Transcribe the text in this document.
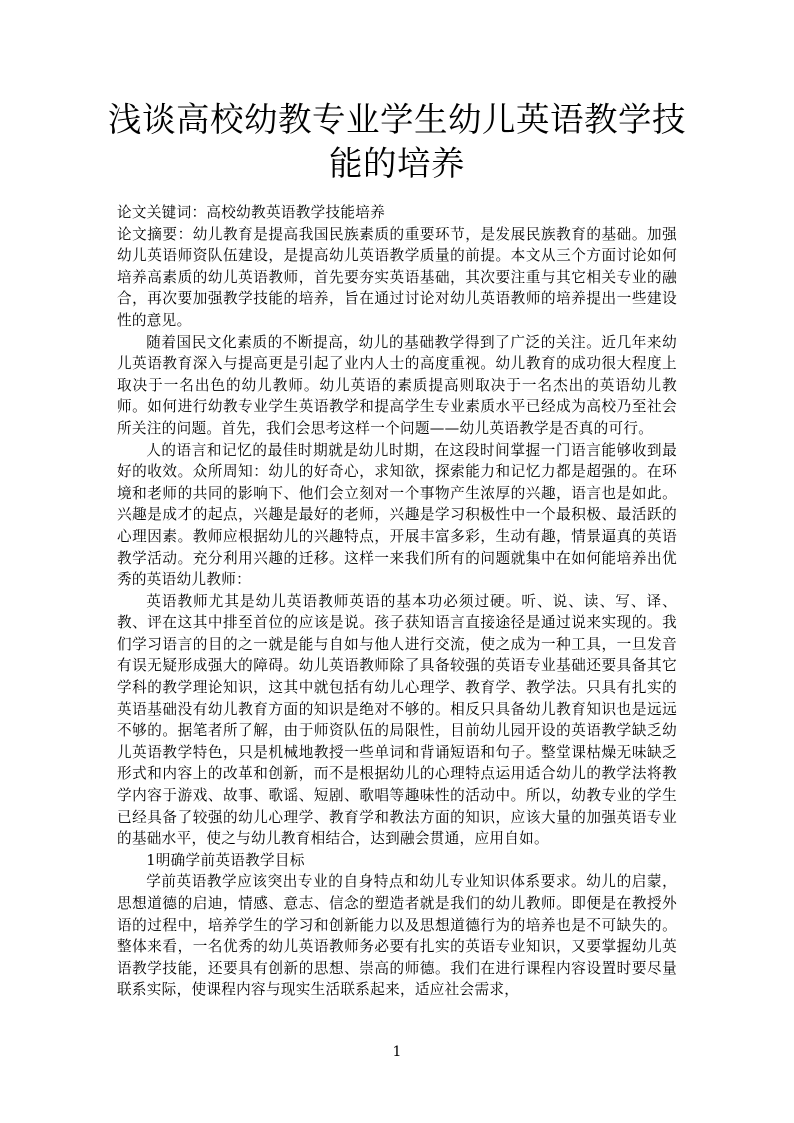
浅谈高校幼教专业学生幼儿英语教学技能的培养

论文关键词：高校幼教英语教学技能培养

论文摘要：幼儿教育是提高我国民族素质的重要环节，是发展民族教育的基础。加强幼儿英语师资队伍建设，是提高幼儿英语教学质量的前提。本文从三个方面讨论如何培养高素质的幼儿英语教师，首先要夯实英语基础，其次要注重与其它相关专业的融合，再次要加强教学技能的培养，旨在通过讨论对幼儿英语教师的培养提出一些建设性的意见。

随着国民文化素质的不断提高，幼儿的基础教学得到了广泛的关注。近几年来幼儿英语教育深入与提高更是引起了业内人士的高度重视。幼儿教育的成功很大程度上取决于一名出色的幼儿教师。幼儿英语的素质提高则取决于一名杰出的英语幼儿教师。如何进行幼教专业学生英语教学和提高学生专业素质水平已经成为高校乃至社会所关注的问题。首先，我们会思考这样一个问题——幼儿英语教学是否真的可行。

人的语言和记忆的最佳时期就是幼儿时期，在这段时间掌握一门语言能够收到最好的收效。众所周知：幼儿的好奇心，求知欲，探索能力和记忆力都是超强的。在环境和老师的共同的影响下、他们会立刻对一个事物产生浓厚的兴趣，语言也是如此。兴趣是成才的起点，兴趣是最好的老师，兴趣是学习积极性中一个最积极、最活跃的心理因素。教师应根据幼儿的兴趣特点，开展丰富多彩，生动有趣，情景逼真的英语教学活动。充分利用兴趣的迁移。这样一来我们所有的问题就集中在如何能培养出优秀的英语幼儿教师：

英语教师尤其是幼儿英语教师英语的基本功必须过硬。听、说、读、写、译、教、评在这其中排至首位的应该是说。孩子获知语言直接途径是通过说来实现的。我们学习语言的目的之一就是能与自如与他人进行交流，使之成为一种工具，一旦发音有误无疑形成强大的障碍。幼儿英语教师除了具备较强的英语专业基础还要具备其它学科的教学理论知识，这其中就包括有幼儿心理学、教育学、教学法。只具有扎实的英语基础没有幼儿教育方面的知识是绝对不够的。相反只具备幼儿教育知识也是远远不够的。据笔者所了解，由于师资队伍的局限性，目前幼儿园开设的英语教学缺乏幼儿英语教学特色，只是机械地教授一些单词和背诵短语和句子。整堂课枯燥无味缺乏形式和内容上的改革和创新，而不是根据幼儿的心理特点运用适合幼儿的教学法将教学内容于游戏、故事、歌谣、短剧、歌唱等趣味性的活动中。所以，幼教专业的学生已经具备了较强的幼儿心理学、教育学和教法方面的知识，应该大量的加强英语专业的基础水平，使之与幼儿教育相结合，达到融会贯通，应用自如。

1明确学前英语教学目标

学前英语教学应该突出专业的自身特点和幼儿专业知识体系要求。幼儿的启蒙，思想道德的启迪，情感、意志、信念的塑造者就是我们的幼儿教师。即便是在教授外语的过程中，培养学生的学习和创新能力以及思想道德行为的培养也是不可缺失的。整体来看，一名优秀的幼儿英语教师务必要有扎实的英语专业知识，又要掌握幼儿英语教学技能，还要具有创新的思想、崇高的师德。我们在进行课程内容设置时要尽量联系实际，使课程内容与现实生活联系起来，适应社会需求，

1
